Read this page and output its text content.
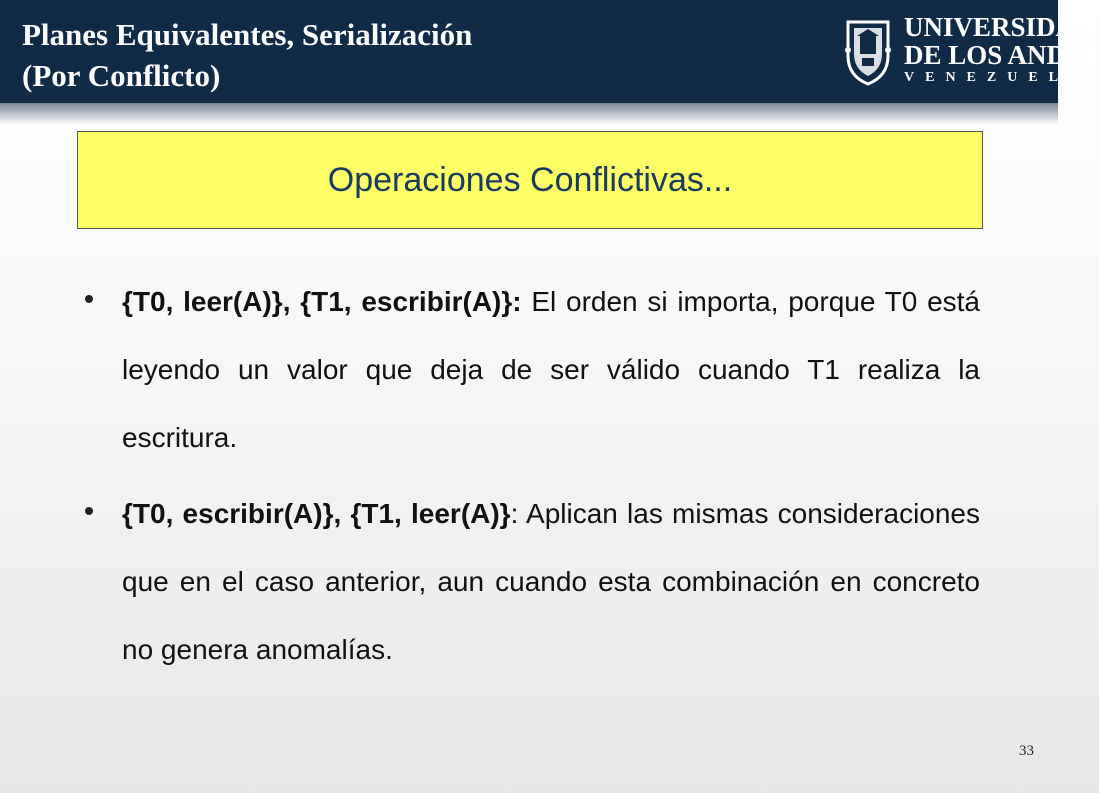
Planes Equivalentes, Serialización
(Por Conflicto)
UNIVERSIDAD
DE LOS ANDES
VENEZUELA
Operaciones Conflictivas...
{T0, leer(A)}, {T1, escribir(A)}: El orden si importa, porque T0 está leyendo un valor que deja de ser válido cuando T1 realiza la escritura.
{T0, escribir(A)}, {T1, leer(A)}: Aplican las mismas consideraciones que en el caso anterior, aun cuando esta combinación en concreto no genera anomalías.
33
